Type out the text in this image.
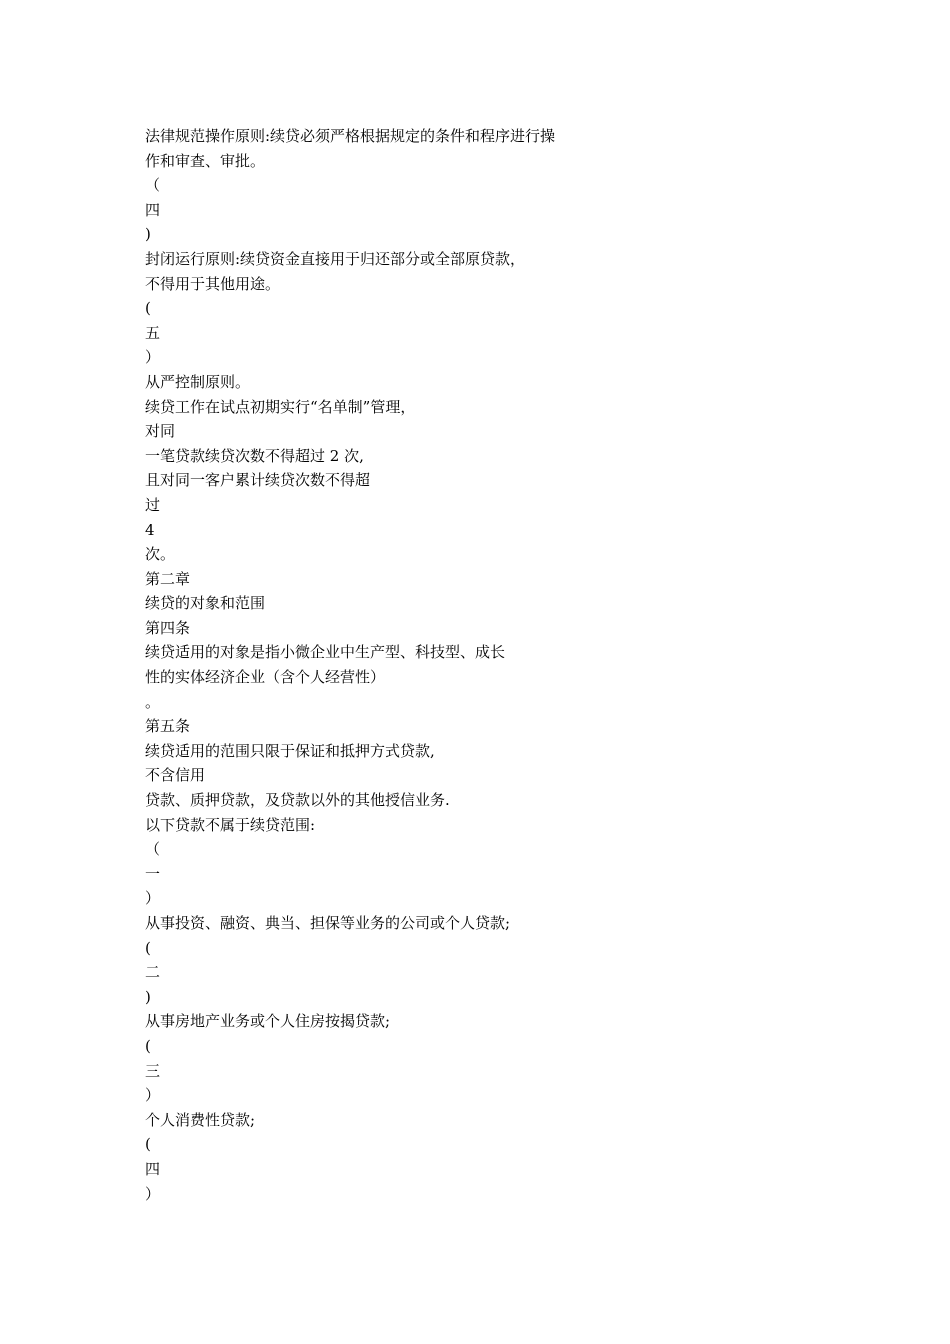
法律规范操作原则:续贷必须严格根据规定的条件和程序进行操
作和审查、审批。
（
四
)
封闭运行原则:续贷资金直接用于归还部分或全部原贷款，
不得用于其他用途。
(
五
）
从严控制原则。
续贷工作在试点初期实行“名单制”管理，
对同
一笔贷款续贷次数不得超过 2 次,
且对同一客户累计续贷次数不得超
过
4
次。
第二章
续贷的对象和范围
第四条
续贷适用的对象是指小微企业中生产型、科技型、成长
性的实体经济企业（含个人经营性）
。
第五条
续贷适用的范围只限于保证和抵押方式贷款,
不含信用
贷款、质押贷款，及贷款以外的其他授信业务.
以下贷款不属于续贷范围:
（
一
）
从事投资、融资、典当、担保等业务的公司或个人贷款;
(
二
)
从事房地产业务或个人住房按揭贷款;
(
三
）
个人消费性贷款;
(
四
）
